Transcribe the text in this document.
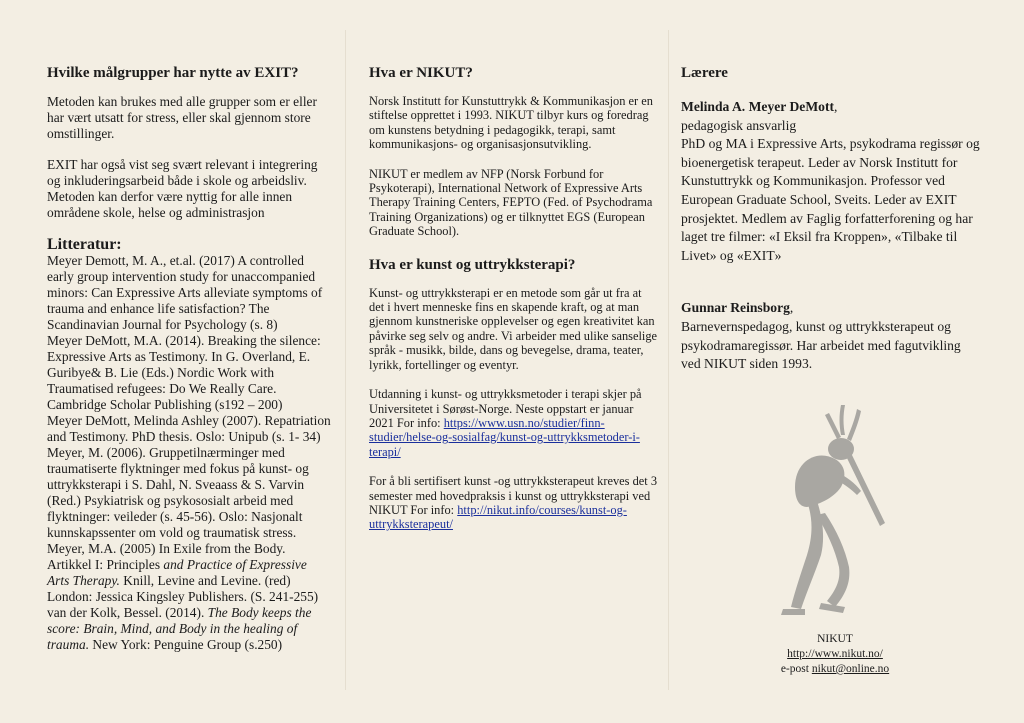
Hvilke målgrupper har nytte av EXIT?

Metoden kan brukes med alle grupper som er eller har vært utsatt for stress, eller skal gjennom store omstillinger.

EXIT har også vist seg svært relevant i integrering og inkluderingsarbeid både i skole og arbeidsliv. Metoden kan derfor være nyttig for alle innen områdene skole, helse og administrasjon

Litteratur:

Meyer Demott, M. A., et.al. (2017) A controlled early group intervention study for unaccompanied minors: Can Expressive Arts alleviate symptoms of trauma and enhance life satisfaction? The Scandinavian Journal for Psychology (s. 8)

Meyer DeMott, M.A. (2014). Breaking the silence: Expressive Arts as Testimony. In G. Overland, E. Guribye& B. Lie (Eds.) Nordic Work with Traumatised refugees: Do We Really Care. Cambridge Scholar Publishing (s192 – 200)

Meyer DeMott, Melinda Ashley (2007). Repatriation and Testimony. PhD thesis. Oslo: Unipub (s. 1- 34)

Meyer, M. (2006). Gruppetilnærminger med traumatiserte flyktninger med fokus på kunst- og uttrykksterapi i S. Dahl, N. Sveaass & S. Varvin (Red.) Psykiatrisk og psykososialt arbeid med flyktninger: veileder (s. 45-56). Oslo: Nasjonalt kunnskapssenter om vold og traumatisk stress.

Meyer, M.A. (2005) In Exile from the Body. Artikkel I: Principles and Practice of Expressive Arts Therapy. Knill, Levine and Levine. (red)

London: Jessica Kingsley Publishers. (S. 241-255)

van der Kolk, Bessel. (2014). The Body keeps the score: Brain, Mind, and Body in the healing of trauma. New York: Penguine Group (s.250)

Hva er NIKUT?

Norsk Institutt for Kunstuttrykk & Kommunikasjon er en stiftelse opprettet i 1993. NIKUT tilbyr kurs og foredrag om kunstens betydning i pedagogikk, terapi, samt kommunikasjons- og organisasjonsutvikling.

NIKUT er medlem av NFP (Norsk Forbund for Psykoterapi), International Network of Expressive Arts Therapy Training Centers, FEPTO (Fed. of Psychodrama Training Organizations) og er tilknyttet EGS (European Graduate School).

Hva er kunst og uttrykksterapi?

Kunst- og uttrykksterapi er en metode som går ut fra at det i hvert menneske fins en skapende kraft, og at man gjennom kunstneriske opplevelser og egen kreativitet kan påvirke seg selv og andre. Vi arbeider med ulike sanselige språk - musikk, bilde, dans og bevegelse, drama, teater, lyrikk, fortellinger og eventyr.

Utdanning i kunst- og uttrykksmetoder i terapi skjer på Universitetet i Sørøst-Norge. Neste oppstart er januar 2021 For info: https://www.usn.no/studier/finn-studier/helse-og-sosialfag/kunst-og-uttrykksmetoder-i-terapi/

For å bli sertifisert kunst -og uttrykksterapeut kreves det 3 semester med hovedpraksis i kunst og uttrykksterapi ved NIKUT For info: http://nikut.info/courses/kunst-og-uttrykksterapeut/

Lærere

Melinda A. Meyer DeMott,
pedagogisk ansvarlig
PhD og MA i Expressive Arts, psykodrama regissør og bioenergetisk terapeut. Leder av Norsk Institutt for Kunstuttrykk og Kommunikasjon. Professor ved European Graduate School, Sveits. Leder av EXIT prosjektet. Medlem av Faglig forfatterforening og har laget tre filmer: «I Eksil fra Kroppen», «Tilbake til Livet» og «EXIT»

Gunnar Reinsborg,
Barnevernspedagog, kunst og uttrykksterapeut og psykodramaregissør. Har arbeidet med fagutvikling ved NIKUT siden 1993.

NIKUT
http://www.nikut.no/
e-post nikut@online.no
